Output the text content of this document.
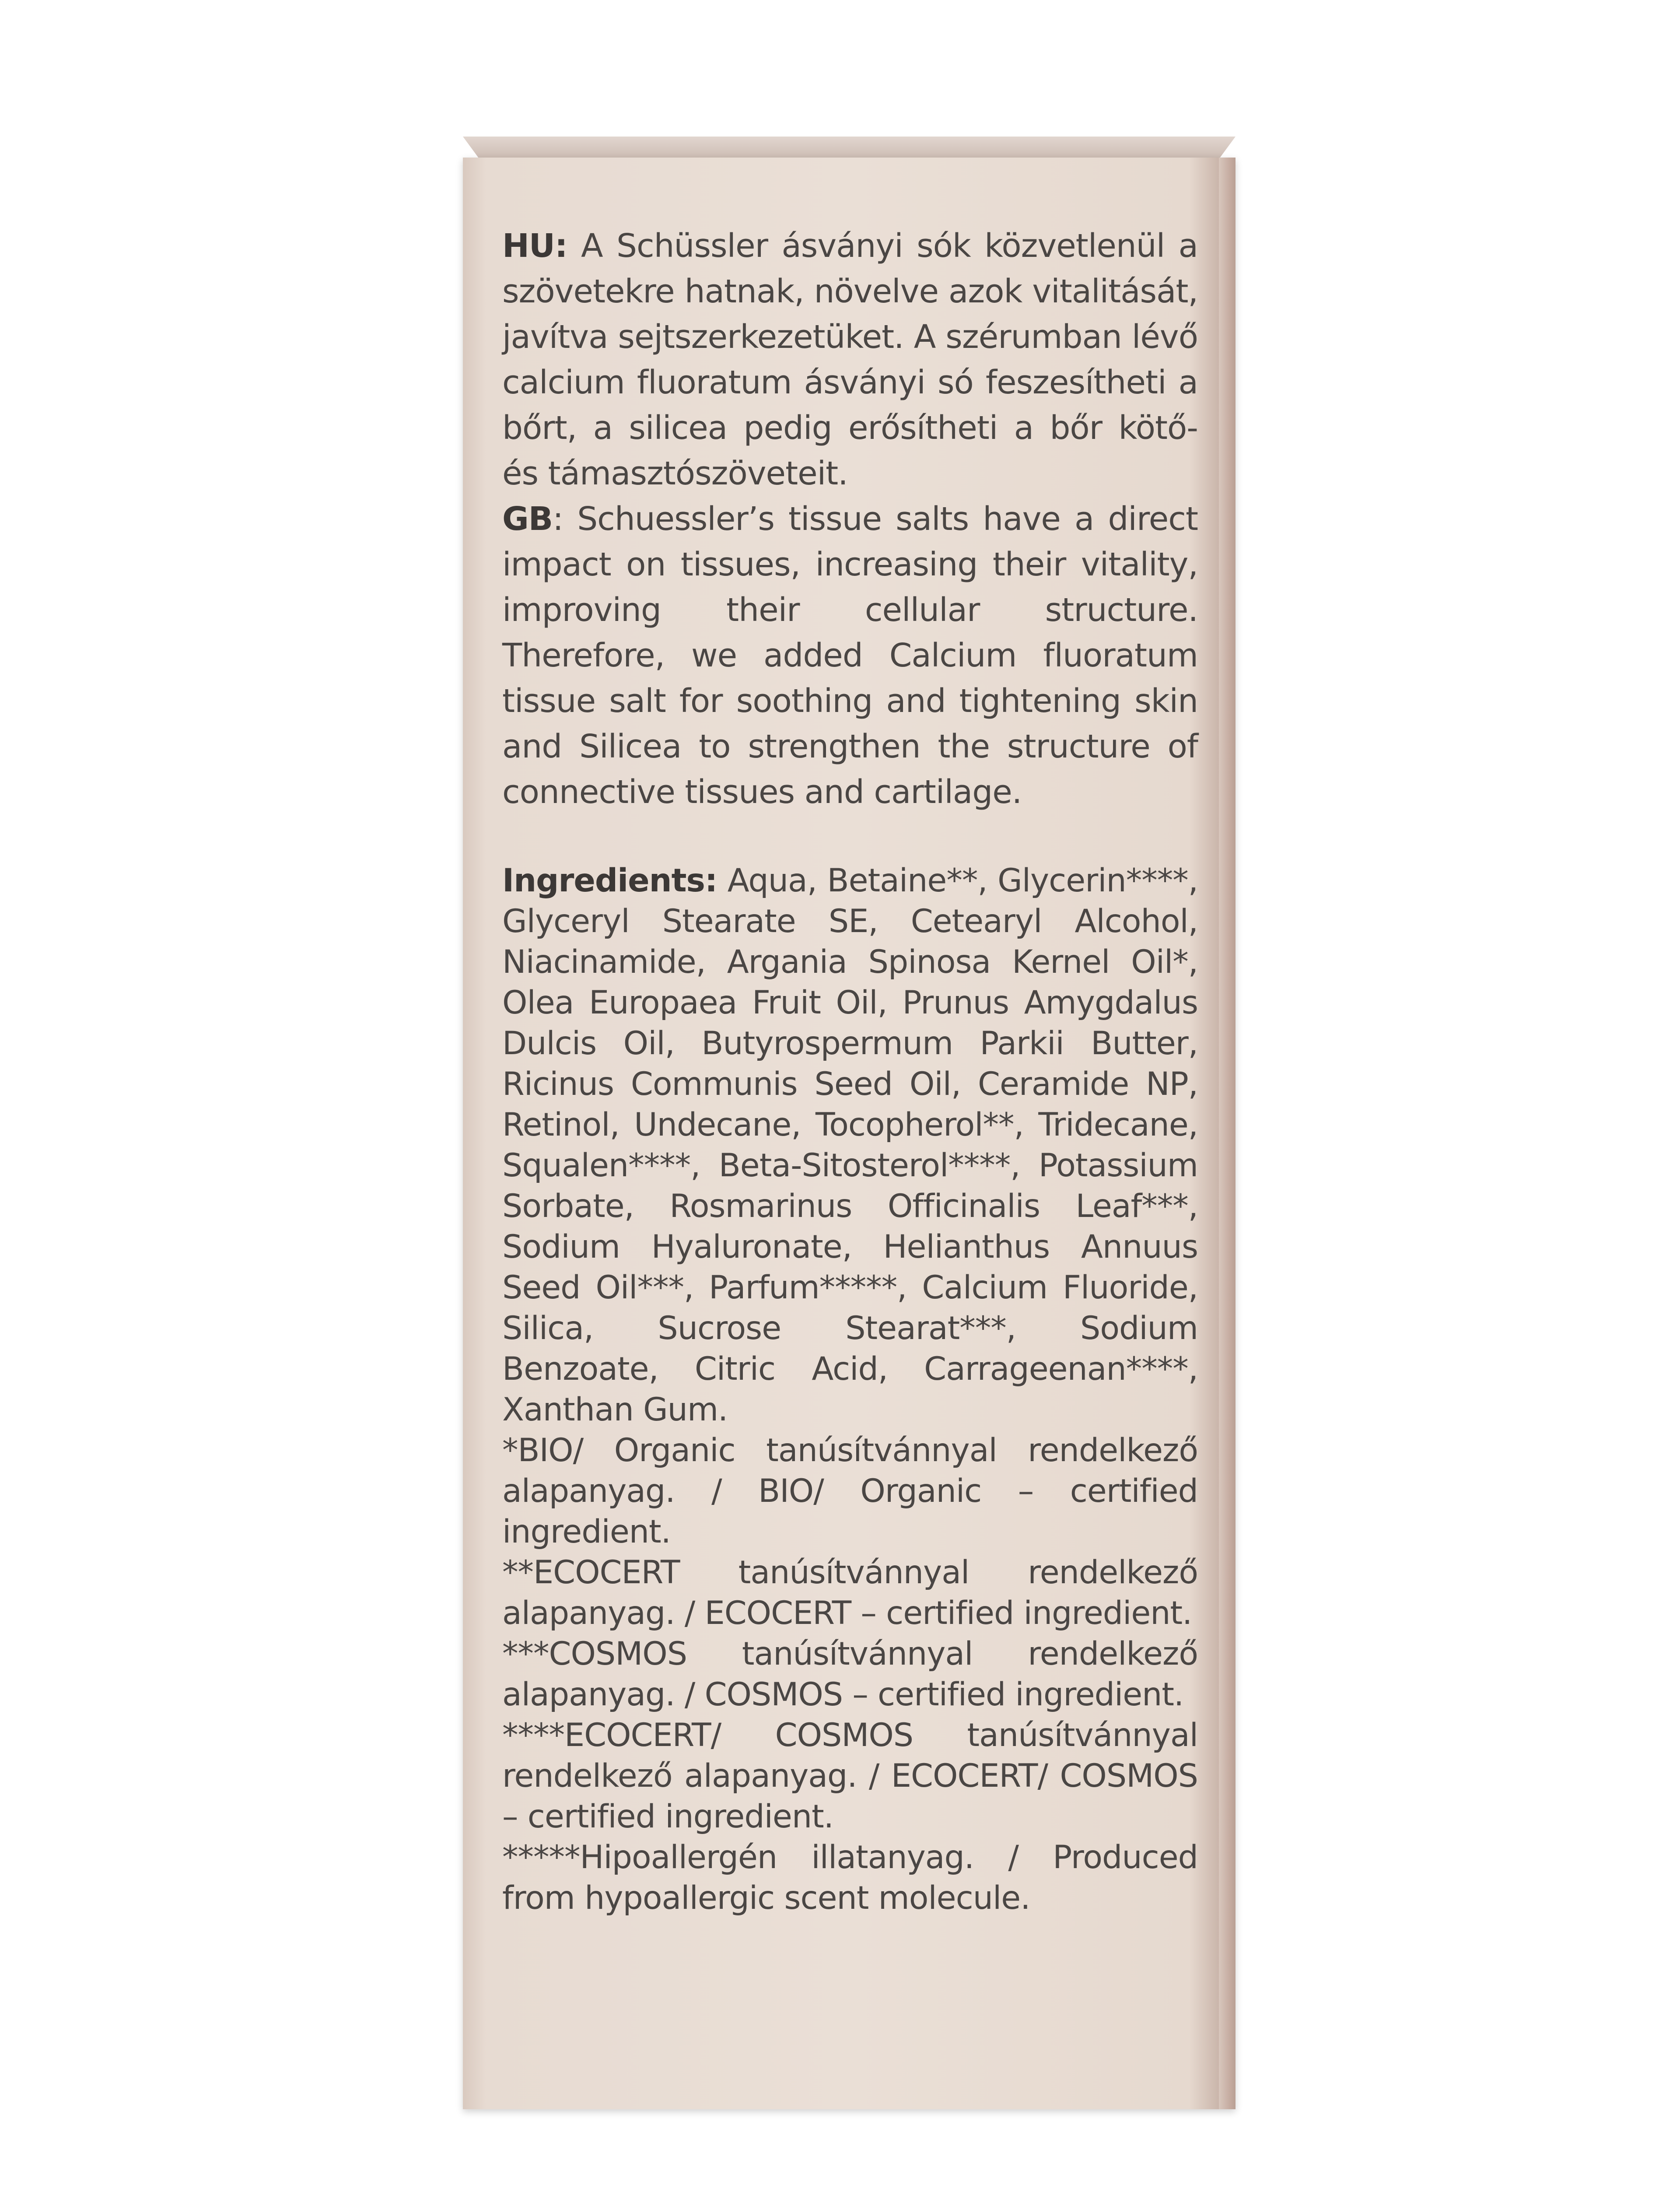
HU: A Schüssler ásványi sók közvetlenül a szövetekre hatnak, növelve azok vitalitását, javítva sejtszerkezetüket. A szérumban lévő calcium fluoratum ásványi só feszesítheti a bőrt, a silicea pedig erősítheti a bőr kötő- és támasztószöveteit.

GB: Schuessler’s tissue salts have a direct impact on tissues, increasing their vitality, improving their cellular structure. Therefore, we added Calcium fluoratum tissue salt for soothing and tightening skin and Silicea to strengthen the structure of connective tissues and cartilage.

Ingredients: Aqua, Betaine**, Glycerin****, Glyceryl Stearate SE, Cetearyl Alcohol, Niacinamide, Argania Spinosa Kernel Oil*, Olea Europaea Fruit Oil, Prunus Amygdalus Dulcis Oil, Butyrospermum Parkii Butter, Ricinus Communis Seed Oil, Ceramide NP, Retinol, Undecane, Tocopherol**, Tridecane, Squalen****, Beta-Sitosterol****, Potassium Sorbate, Rosmarinus Officinalis Leaf***, Sodium Hyaluronate, Helianthus Annuus Seed Oil***, Parfum*****, Calcium Fluoride, Silica, Sucrose Stearat***, Sodium Benzoate, Citric Acid, Carrageenan****, Xanthan Gum.

*BIO/ Organic tanúsítvánnyal rendelkező alapanyag. / BIO/ Organic – certified ingredient.

**ECOCERT tanúsítvánnyal rendelkező alapanyag. / ECOCERT – certified ingredient.

***COSMOS tanúsítvánnyal rendelkező alapanyag. / COSMOS – certified ingredient.

****ECOCERT/ COSMOS tanúsítvánnyal rendelkező alapanyag. / ECOCERT/ COSMOS – certified ingredient.

*****Hipoallergén illatanyag. / Produced from hypoallergic scent molecule.
